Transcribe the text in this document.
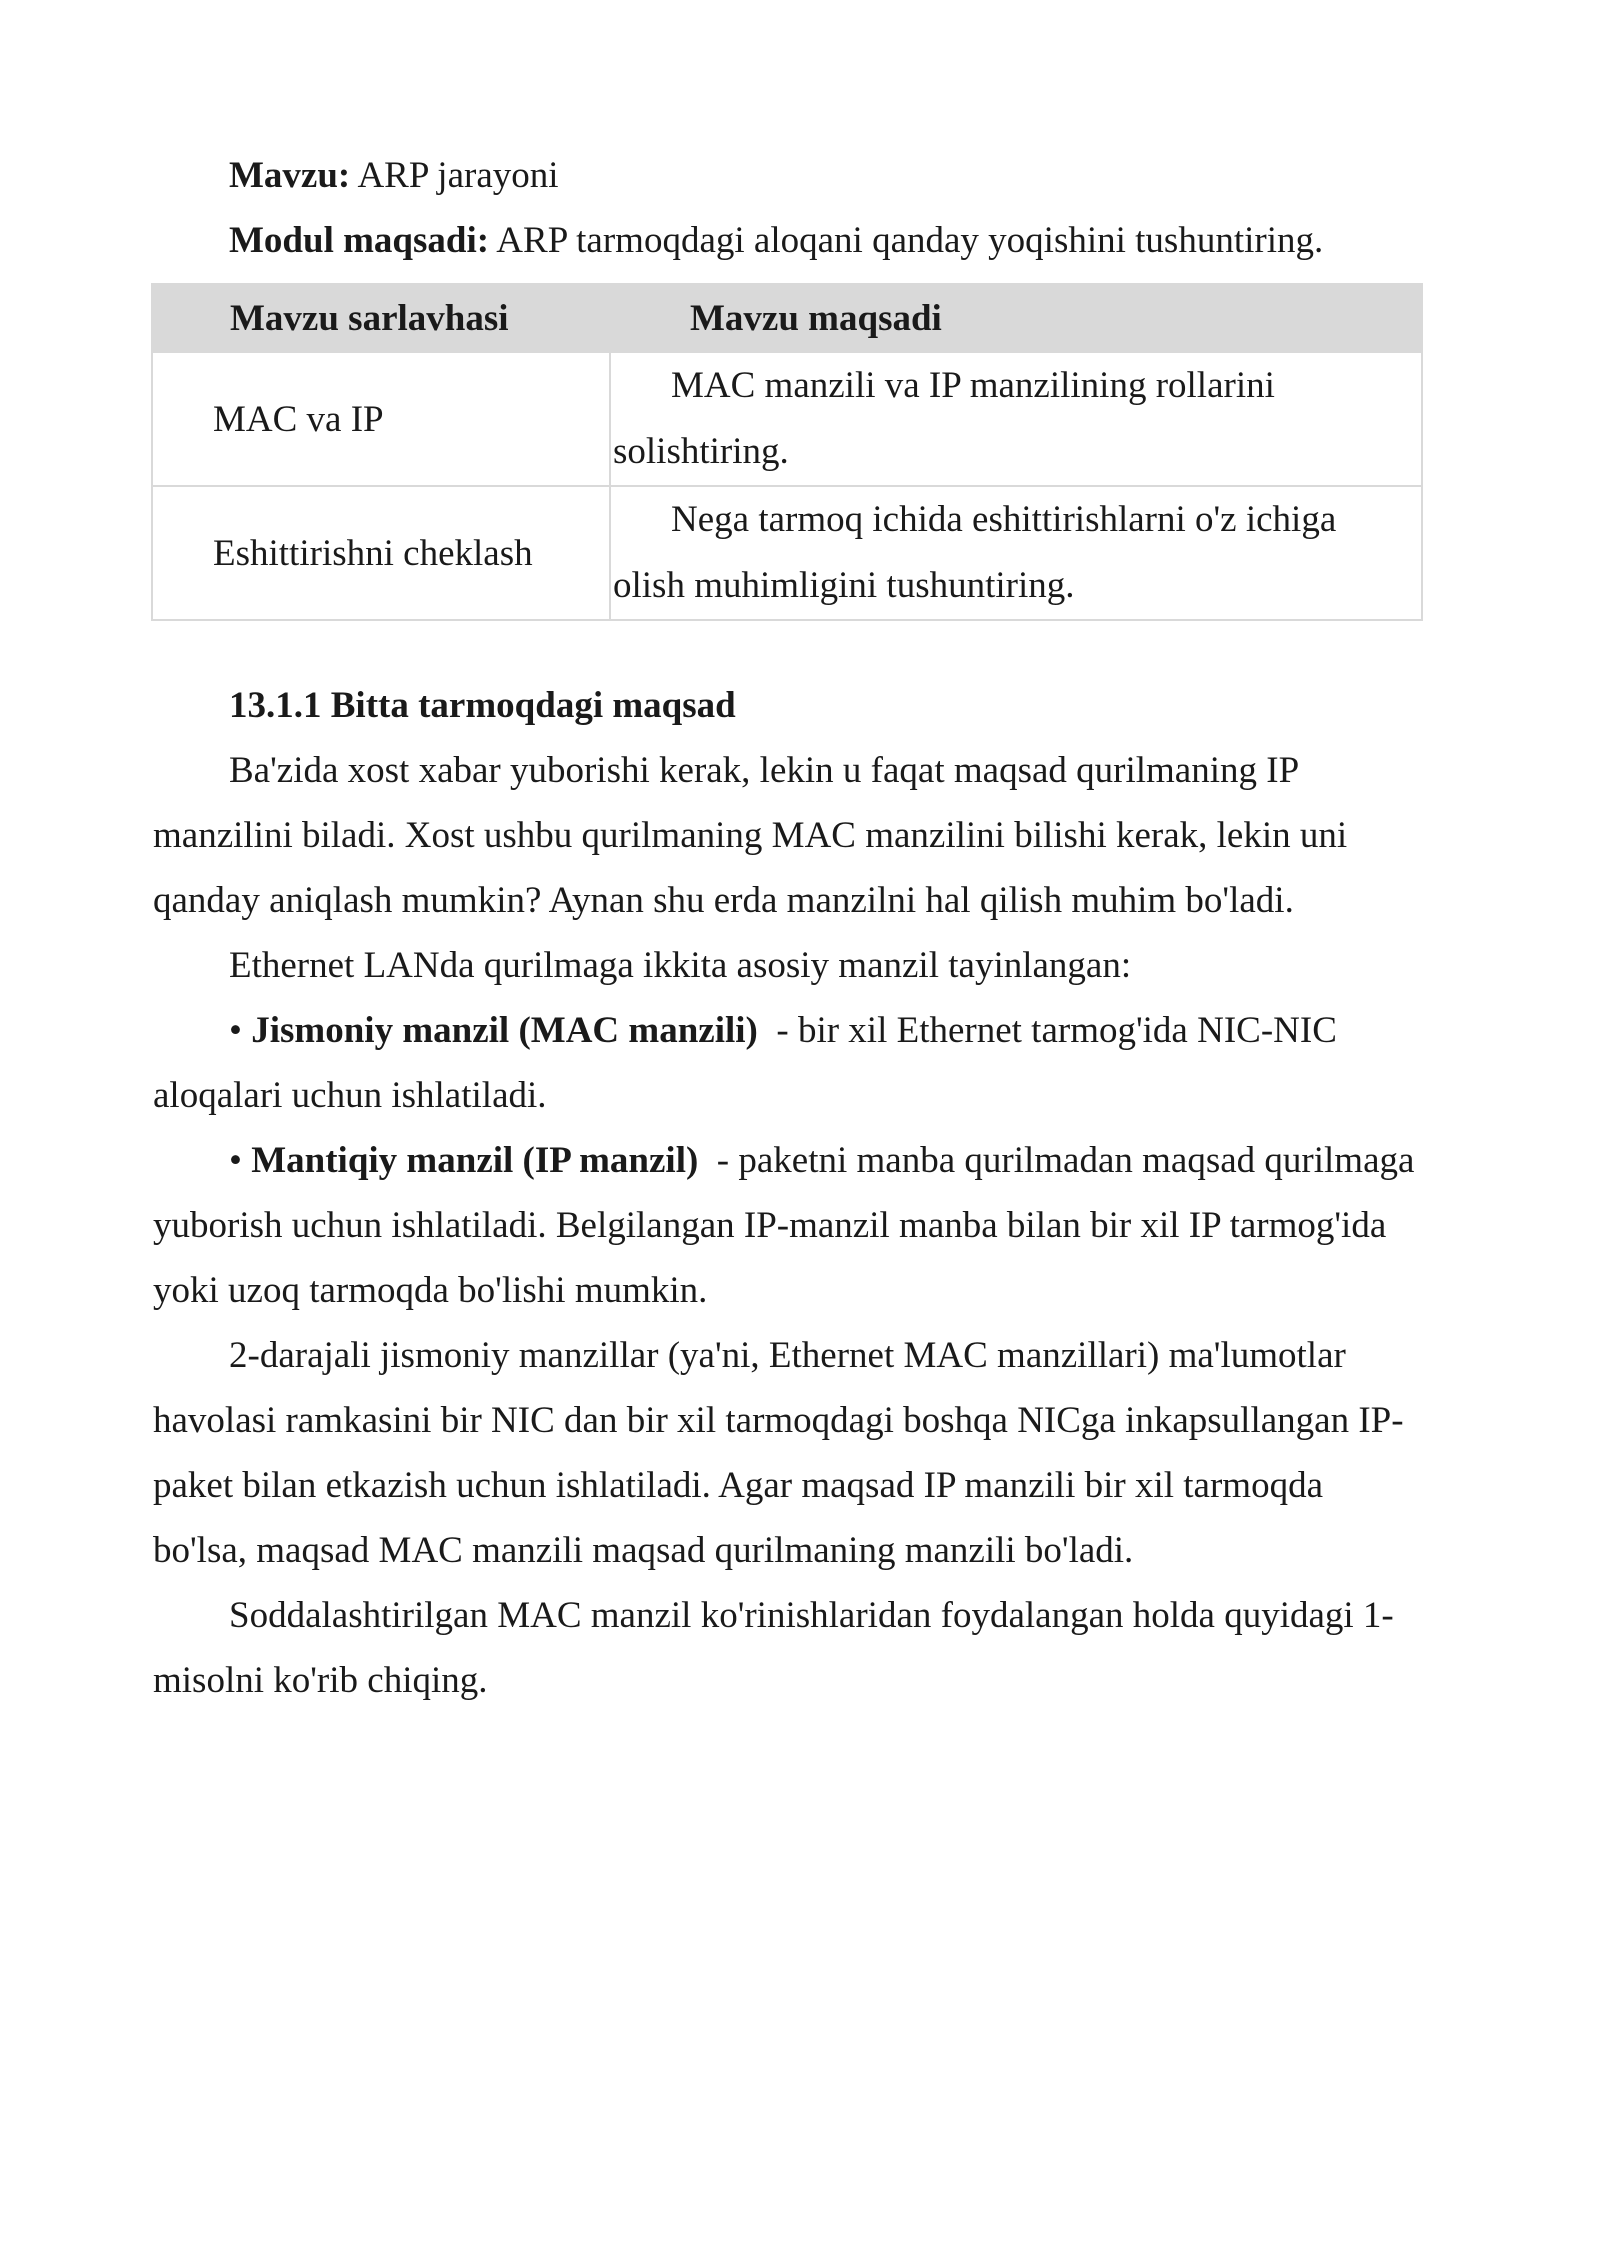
Mavzu: ARP jarayoni
Modul maqsadi: ARP tarmoqdagi aloqani qanday yoqishini tushuntiring.
Mavzu sarlavhasi	Mavzu maqsadi
MAC va IP	MAC manzili va IP manzilining rollarini
solishtiring.
Eshittirishni cheklash	Nega tarmoq ichida eshittirishlarni o'z ichiga
olish muhimligini tushuntiring.
13.1.1 Bitta tarmoqdagi maqsad
Ba'zida xost xabar yuborishi kerak, lekin u faqat maqsad qurilmaning IP
manzilini biladi. Xost ushbu qurilmaning MAC manzilini bilishi kerak, lekin uni
qanday aniqlash mumkin? Aynan shu erda manzilni hal qilish muhim bo'ladi.
Ethernet LANda qurilmaga ikkita asosiy manzil tayinlangan:
• Jismoniy manzil (MAC manzili)  - bir xil Ethernet tarmog'ida NIC-NIC
aloqalari uchun ishlatiladi.
• Mantiqiy manzil (IP manzil)  - paketni manba qurilmadan maqsad qurilmaga
yuborish uchun ishlatiladi. Belgilangan IP-manzil manba bilan bir xil IP tarmog'ida
yoki uzoq tarmoqda bo'lishi mumkin.
2-darajali jismoniy manzillar (ya'ni, Ethernet MAC manzillari) ma'lumotlar
havolasi ramkasini bir NIC dan bir xil tarmoqdagi boshqa NICga inkapsullangan IP-
paket bilan etkazish uchun ishlatiladi. Agar maqsad IP manzili bir xil tarmoqda
bo'lsa, maqsad MAC manzili maqsad qurilmaning manzili bo'ladi.
Soddalashtirilgan MAC manzil ko'rinishlaridan foydalangan holda quyidagi 1-
misolni ko'rib chiqing.
